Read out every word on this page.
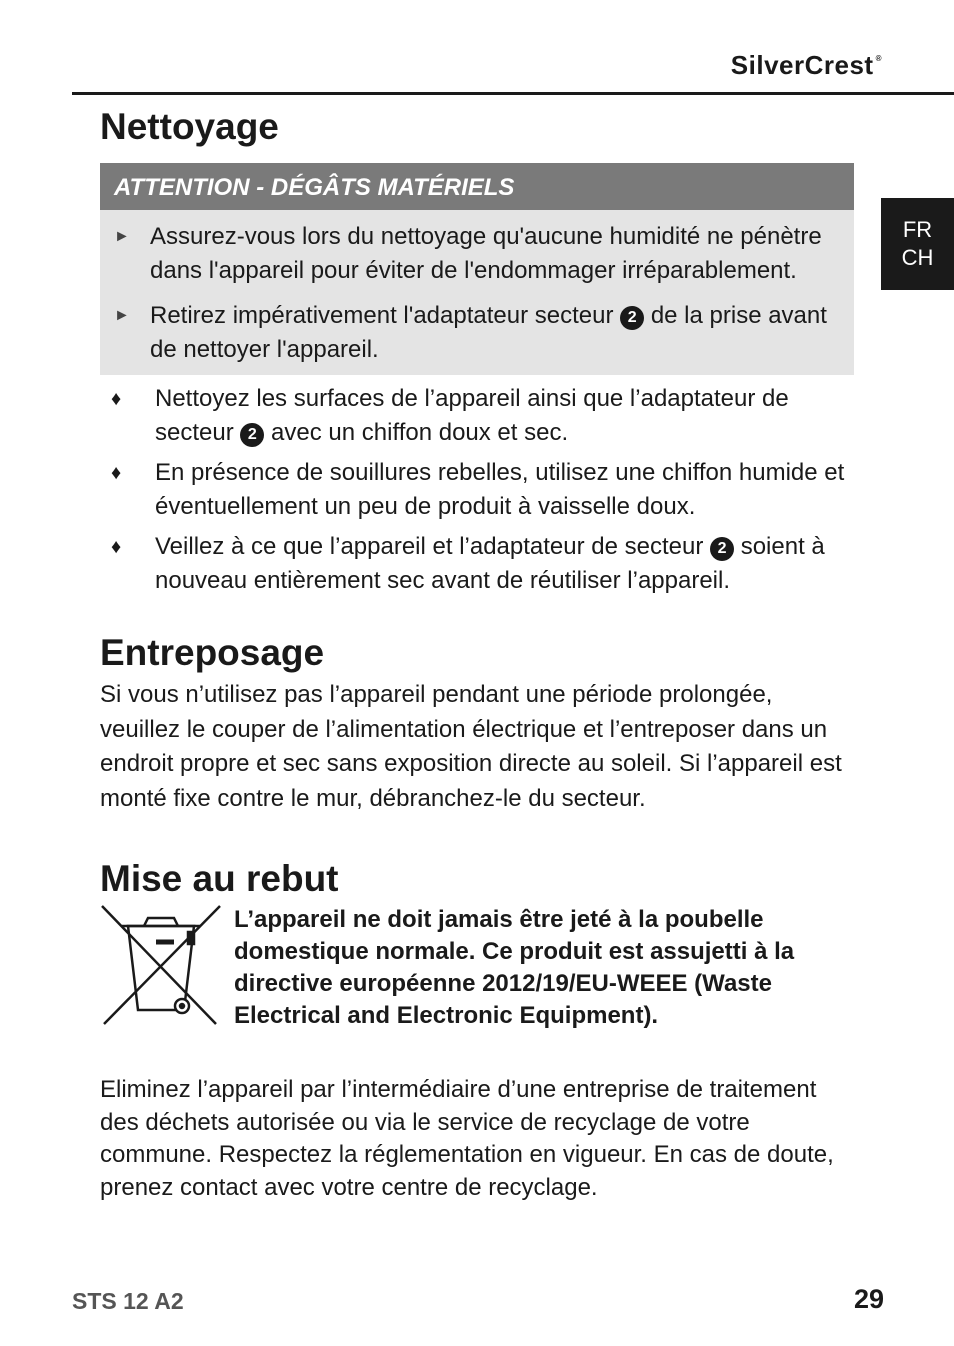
SilverCrest ®
FR
CH
Nettoyage
ATTENTION - DÉGÂTS MATÉRIELS
► Assurez-vous lors du nettoyage qu'aucune humidité ne pénètre dans l'appareil pour éviter de l'endommager irréparablement.
► Retirez impérativement l'adaptateur secteur 2 de la prise avant de nettoyer l'appareil.
♦	Nettoyez les surfaces de l’appareil ainsi que l’adaptateur de secteur 2 avec un chiffon doux et sec.
♦	En présence de souillures rebelles, utilisez une chiffon humide et éventuellement un peu de produit à vaisselle doux.
♦	Veillez à ce que l’appareil et l’adaptateur de secteur 2 soient à nouveau entièrement sec avant de réutiliser l’appareil.
Entreposage

Si vous n’utilisez pas l’appareil pendant une période prolongée, veuillez le couper de l’alimentation électrique et l’entreposer dans un endroit propre et sec sans exposition directe au soleil. Si l’appareil est monté fixe contre le mur, débranchez-le du secteur.

Mise au rebut

L’appareil ne doit jamais être jeté à la poubelle domestique normale. Ce produit est assujetti à la directive européenne 2012/19/EU-WEEE (Waste Electrical and Electronic Equipment).

Eliminez l’appareil par l’intermédiaire d’une entreprise de traitement des déchets autorisée ou via le service de recyclage de votre commune. Respectez la réglementation en vigueur. En cas de doute, prenez contact avec votre centre de recyclage.

STS 12 A2	29
